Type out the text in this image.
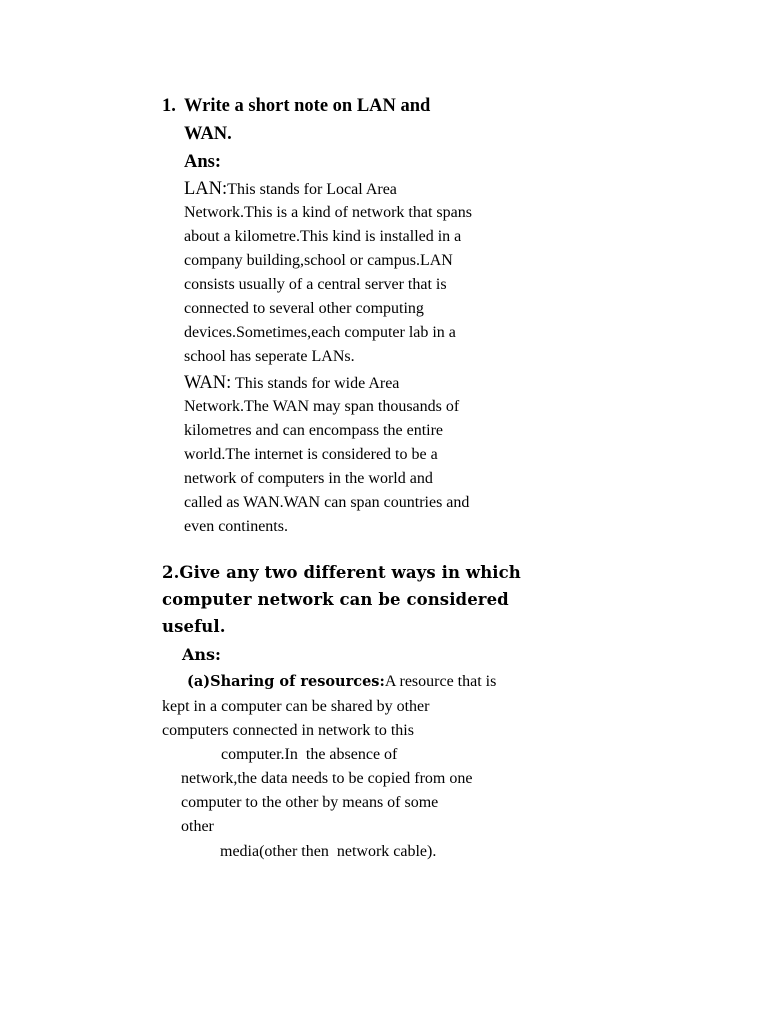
1. Write a short note on LAN and
WAN.
Ans:
LAN:This stands for Local Area
Network.This is a kind of network that spans
about a kilometre.This kind is installed in a
company building,school or campus.LAN
consists usually of a central server that is
connected to several other computing
devices.Sometimes,each computer lab in a
school has seperate LANs.
WAN: This stands for wide Area
Network.The WAN may span thousands of
kilometres and can encompass the entire
world.The internet is considered to be a
network of computers in the world and
called as WAN.WAN can span countries and
even continents.
2.Give any two different ways in which
computer network can be considered
useful.
Ans:
(a)Sharing of resources:A resource that is
kept in a computer can be shared by other
computers connected in network to this
computer.In  the absence of
network,the data needs to be copied from one
computer to the other by means of some
other
media(other then  network cable).
